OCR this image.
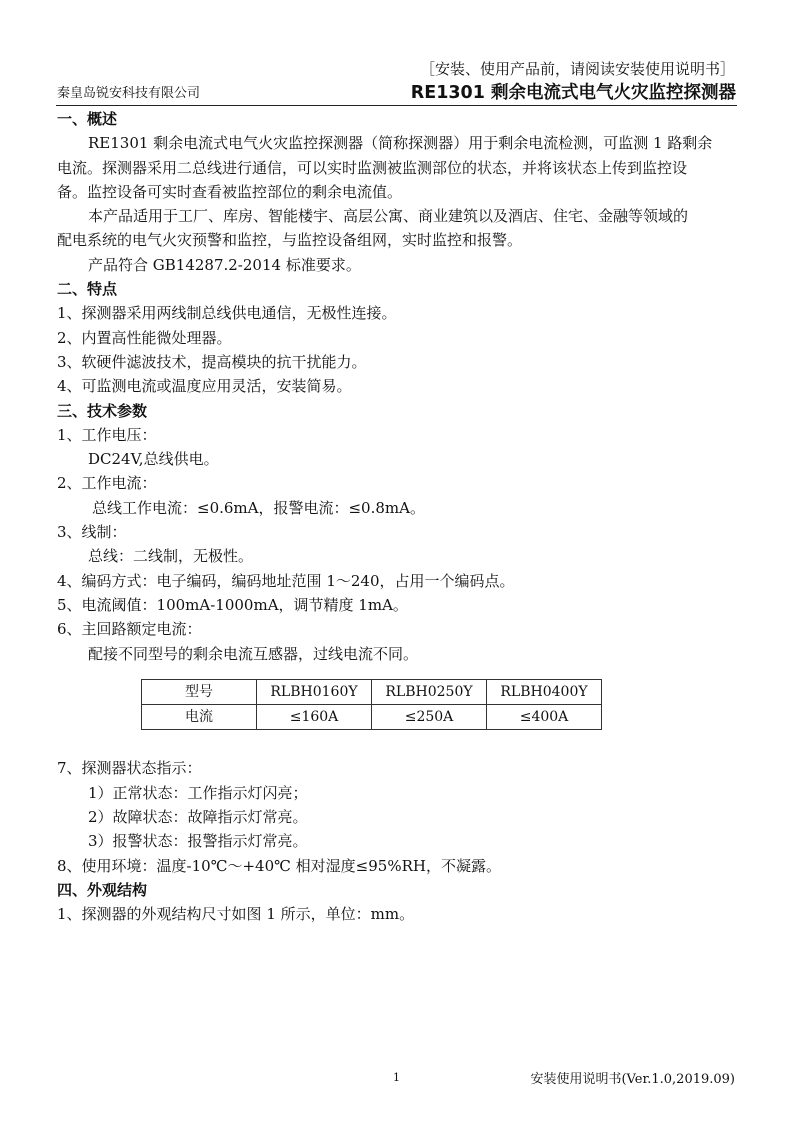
［安装、使用产品前，请阅读安装使用说明书］
秦皇岛锐安科技有限公司	RE1301 剩余电流式电气火灾监控探测器

一、概述

RE1301 剩余电流式电气火灾监控探测器（简称探测器）用于剩余电流检测，可监测 1 路剩余

电流。探测器采用二总线进行通信，可以实时监测被监测部位的状态，并将该状态上传到监控设

备。监控设备可实时查看被监控部位的剩余电流值。

本产品适用于工厂、库房、智能楼宇、高层公寓、商业建筑以及酒店、住宅、金融等领域的

配电系统的电气火灾预警和监控，与监控设备组网，实时监控和报警。

产品符合 GB14287.2-2014 标准要求。

二、特点

1、探测器采用两线制总线供电通信，无极性连接。

2、内置高性能微处理器。

3、软硬件滤波技术，提高模块的抗干扰能力。

4、可监测电流或温度应用灵活，安装简易。

三、技术参数

1、工作电压：

DC24V,总线供电。

2、工作电流：

总线工作电流：≤0.6mA，报警电流：≤0.8mA。

3、线制：

总线：二线制，无极性。

4、编码方式：电子编码，编码地址范围 1～240，占用一个编码点。

5、电流阈值：100mA-1000mA，调节精度 1mA。

6、主回路额定电流：

配接不同型号的剩余电流互感器，过线电流不同。

型号	RLBH0160Y	RLBH0250Y	RLBH0400Y
电流	≤160A	≤250A	≤400A

7、探测器状态指示：

1）正常状态：工作指示灯闪亮；

2）故障状态：故障指示灯常亮。

3）报警状态：报警指示灯常亮。

8、使用环境：温度-10℃～+40℃ 相对湿度≤95%RH，不凝露。

四、外观结构

1、探测器的外观结构尺寸如图 1 所示，单位：mm。

1	安装使用说明书(Ver.1.0,2019.09)
